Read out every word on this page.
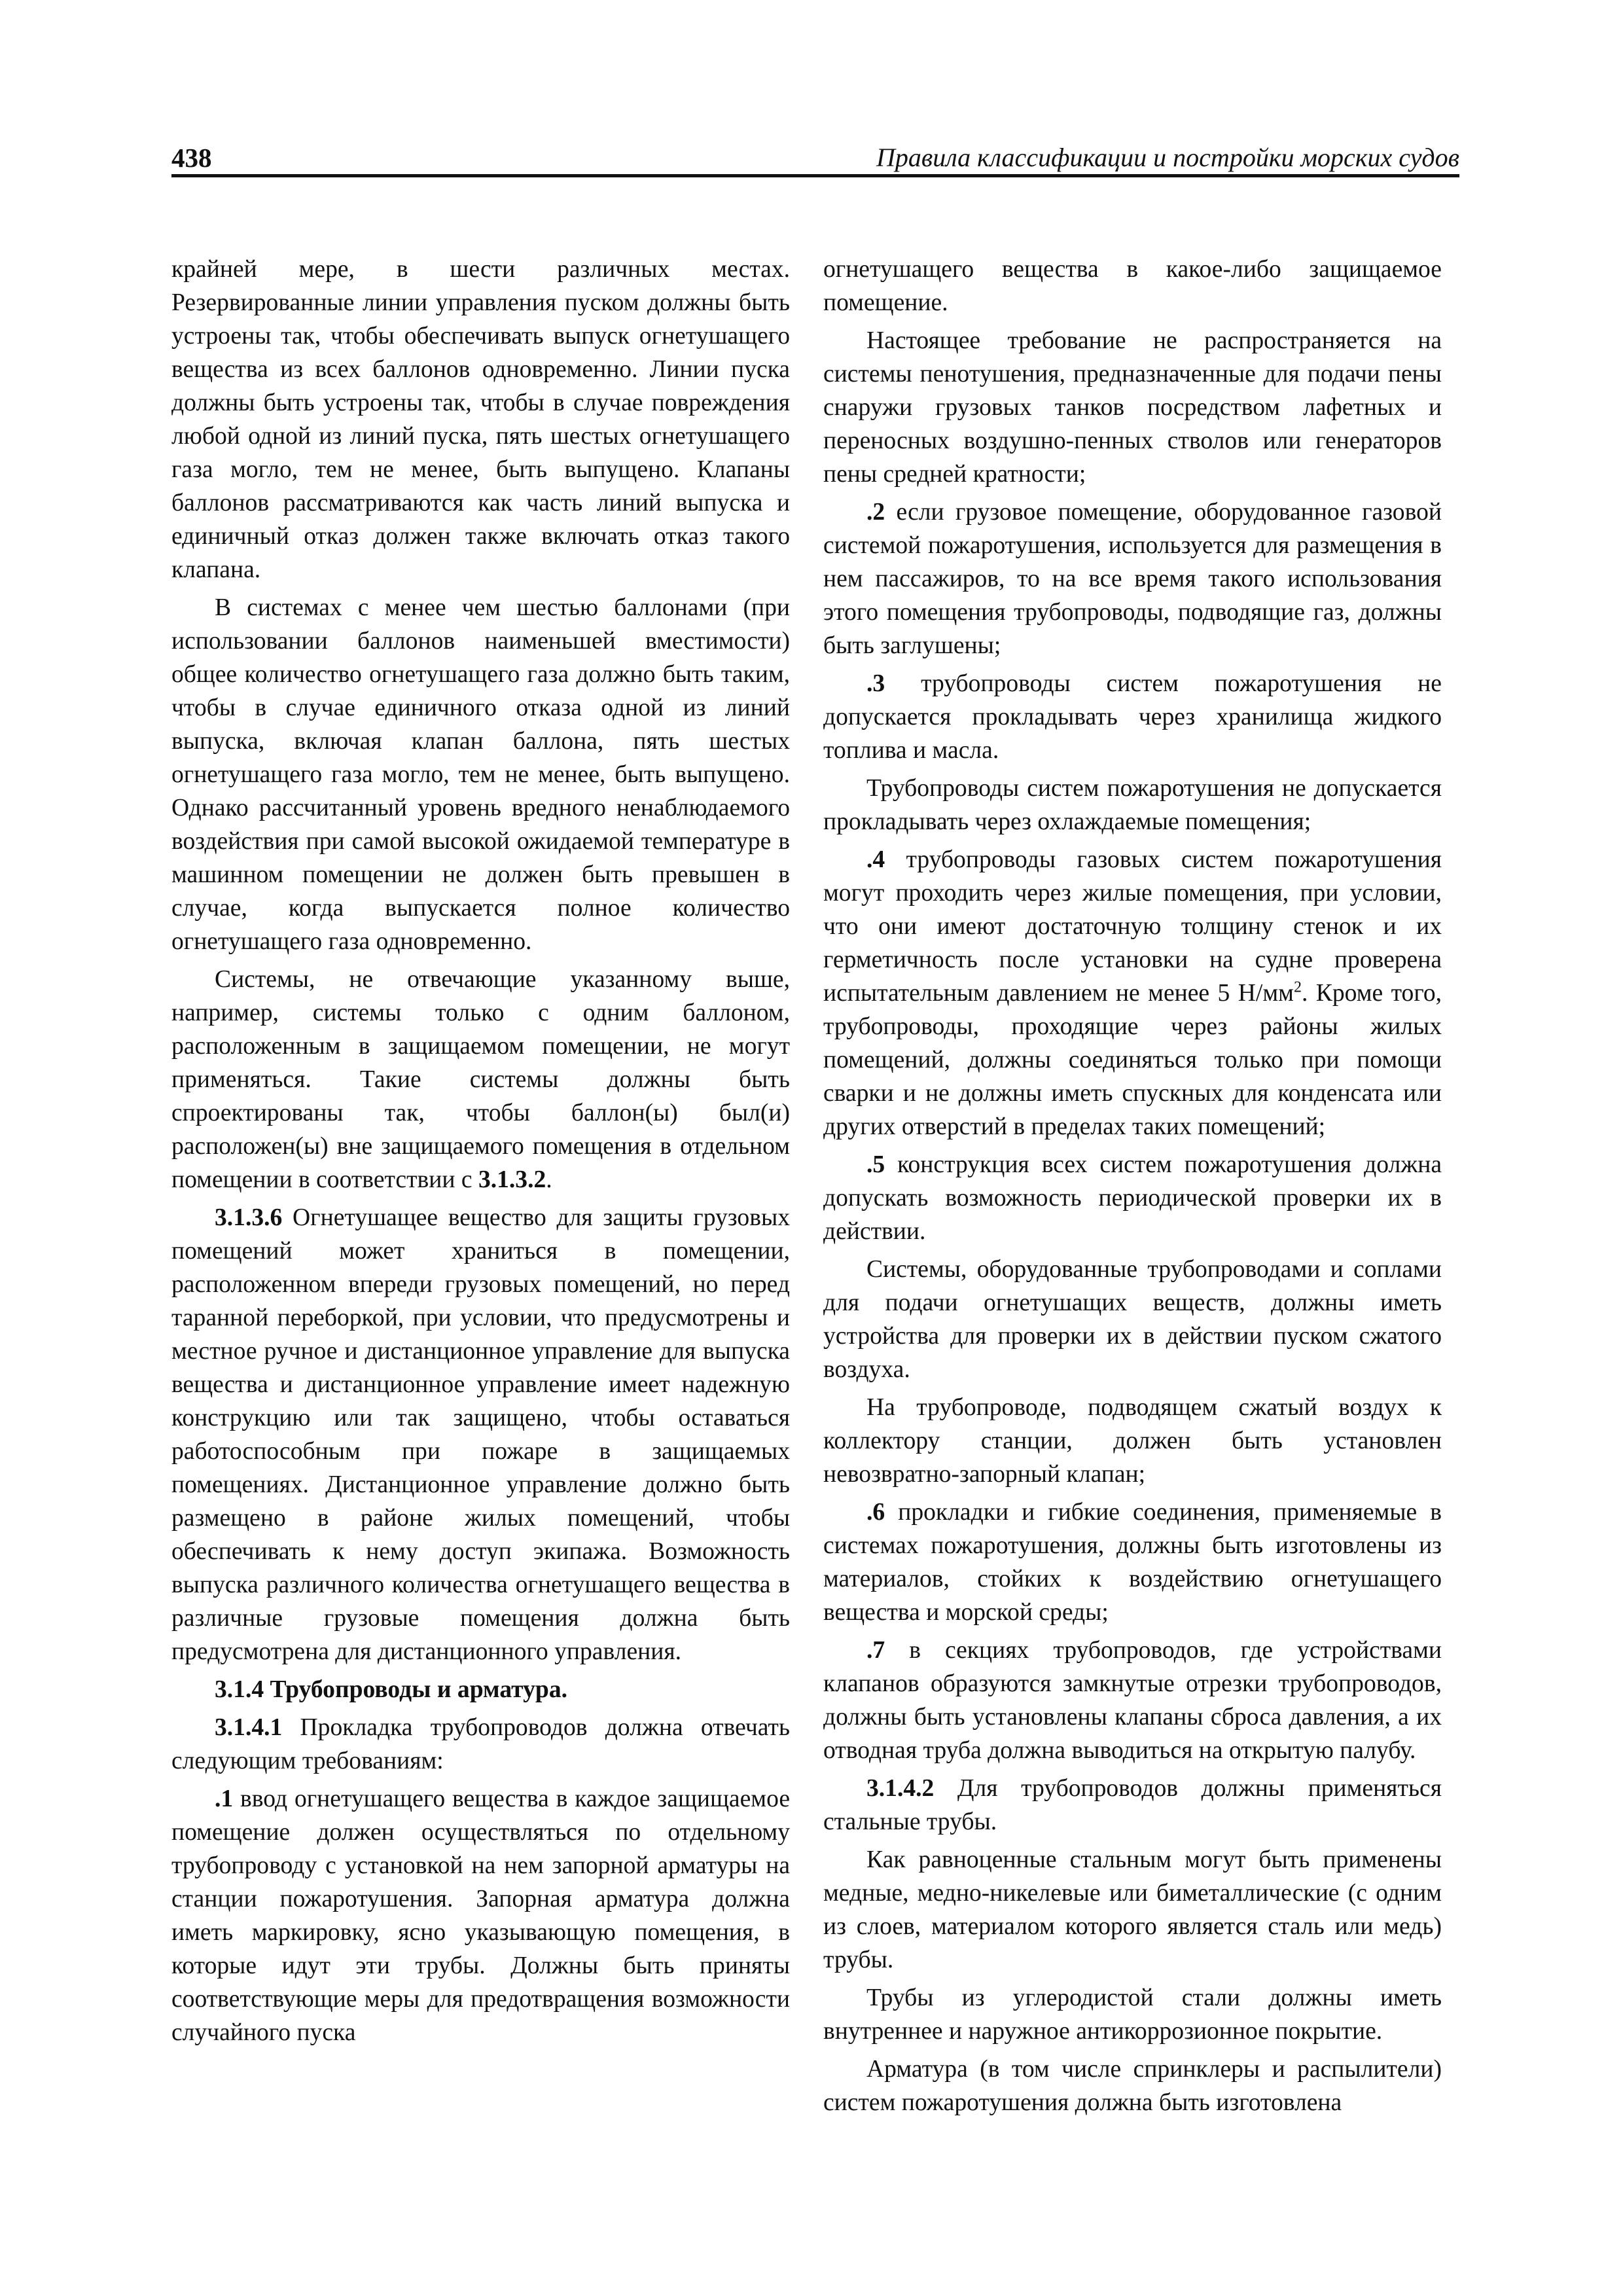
438	Правила классификации и постройки морских судов

крайней мере, в шести различных местах. Резервированные линии управления пуском должны быть устроены так, чтобы обеспечивать выпуск огнетушащего вещества из всех баллонов одновременно. Линии пуска должны быть устроены так, чтобы в случае повреждения любой одной из линий пуска, пять шестых огнетушащего газа могло, тем не менее, быть выпущено. Клапаны баллонов рассматриваются как часть линий выпуска и единичный отказ должен также включать отказ такого клапана.

В системах с менее чем шестью баллонами (при использовании баллонов наименьшей вместимости) общее количество огнетушащего газа должно быть таким, чтобы в случае единичного отказа одной из линий выпуска, включая клапан баллона, пять шестых огнетушащего газа могло, тем не менее, быть выпущено. Однако рассчитанный уровень вредного ненаблюдаемого воздействия при самой высокой ожидаемой температуре в машинном помещении не должен быть превышен в случае, когда выпускается полное количество огнетушащего газа одновременно.

Системы, не отвечающие указанному выше, например, системы только с одним баллоном, расположенным в защищаемом помещении, не могут применяться. Такие системы должны быть спроектированы так, чтобы баллон(ы) был(и) расположен(ы) вне защищаемого помещения в отдельном помещении в соответствии с 3.1.3.2.

3.1.3.6 Огнетушащее вещество для защиты грузовых помещений может храниться в помещении, расположенном впереди грузовых помещений, но перед таранной переборкой, при условии, что предусмотрены и местное ручное и дистанционное управление для выпуска вещества и дистанционное управление имеет надежную конструкцию или так защищено, чтобы оставаться работоспособным при пожаре в защищаемых помещениях. Дистанционное управление должно быть размещено в районе жилых помещений, чтобы обеспечивать к нему доступ экипажа. Возможность выпуска различного количества огнетушащего вещества в различные грузовые помещения должна быть предусмотрена для дистанционного управления.

3.1.4 Трубопроводы и арматура.

3.1.4.1 Прокладка трубопроводов должна отвечать следующим требованиям:

.1 ввод огнетушащего вещества в каждое защищаемое помещение должен осуществляться по отдельному трубопроводу с установкой на нем запорной арматуры на станции пожаротушения. Запорная арматура должна иметь маркировку, ясно указывающую помещения, в которые идут эти трубы. Должны быть приняты соответствующие меры для предотвращения возможности случайного пуска

огнетушащего вещества в какое-либо защищаемое помещение.

Настоящее требование не распространяется на системы пенотушения, предназначенные для подачи пены снаружи грузовых танков посредством лафетных и переносных воздушно-пенных стволов или генераторов пены средней кратности;

.2 если грузовое помещение, оборудованное газовой системой пожаротушения, используется для размещения в нем пассажиров, то на все время такого использования этого помещения трубопроводы, подводящие газ, должны быть заглушены;

.3 трубопроводы систем пожаротушения не допускается прокладывать через хранилища жидкого топлива и масла.

Трубопроводы систем пожаротушения не допускается прокладывать через охлаждаемые помещения;

.4 трубопроводы газовых систем пожаротушения могут проходить через жилые помещения, при условии, что они имеют достаточную толщину стенок и их герметичность после установки на судне проверена испытательным давлением не менее 5 $Н/мм^2$. Кроме того, трубопроводы, проходящие через районы жилых помещений, должны соединяться только при помощи сварки и не должны иметь спускных для конденсата или других отверстий в пределах таких помещений;

.5 конструкция всех систем пожаротушения должна допускать возможность периодической проверки их в действии.

Системы, оборудованные трубопроводами и соплами для подачи огнетушащих веществ, должны иметь устройства для проверки их в действии пуском сжатого воздуха.

На трубопроводе, подводящем сжатый воздух к коллектору станции, должен быть установлен невозвратно-запорный клапан;

.6 прокладки и гибкие соединения, применяемые в системах пожаротушения, должны быть изготовлены из материалов, стойких к воздействию огнетушащего вещества и морской среды;

.7 в секциях трубопроводов, где устройствами клапанов образуются замкнутые отрезки трубопроводов, должны быть установлены клапаны сброса давления, а их отводная труба должна выводиться на открытую палубу.

3.1.4.2 Для трубопроводов должны применяться стальные трубы.

Как равноценные стальным могут быть применены медные, медно-никелевые или биметаллические (с одним из слоев, материалом которого является сталь или медь) трубы.

Трубы из углеродистой стали должны иметь внутреннее и наружное антикоррозионное покрытие.

Арматура (в том числе спринклеры и распылители) систем пожаротушения должна быть изготовлена
